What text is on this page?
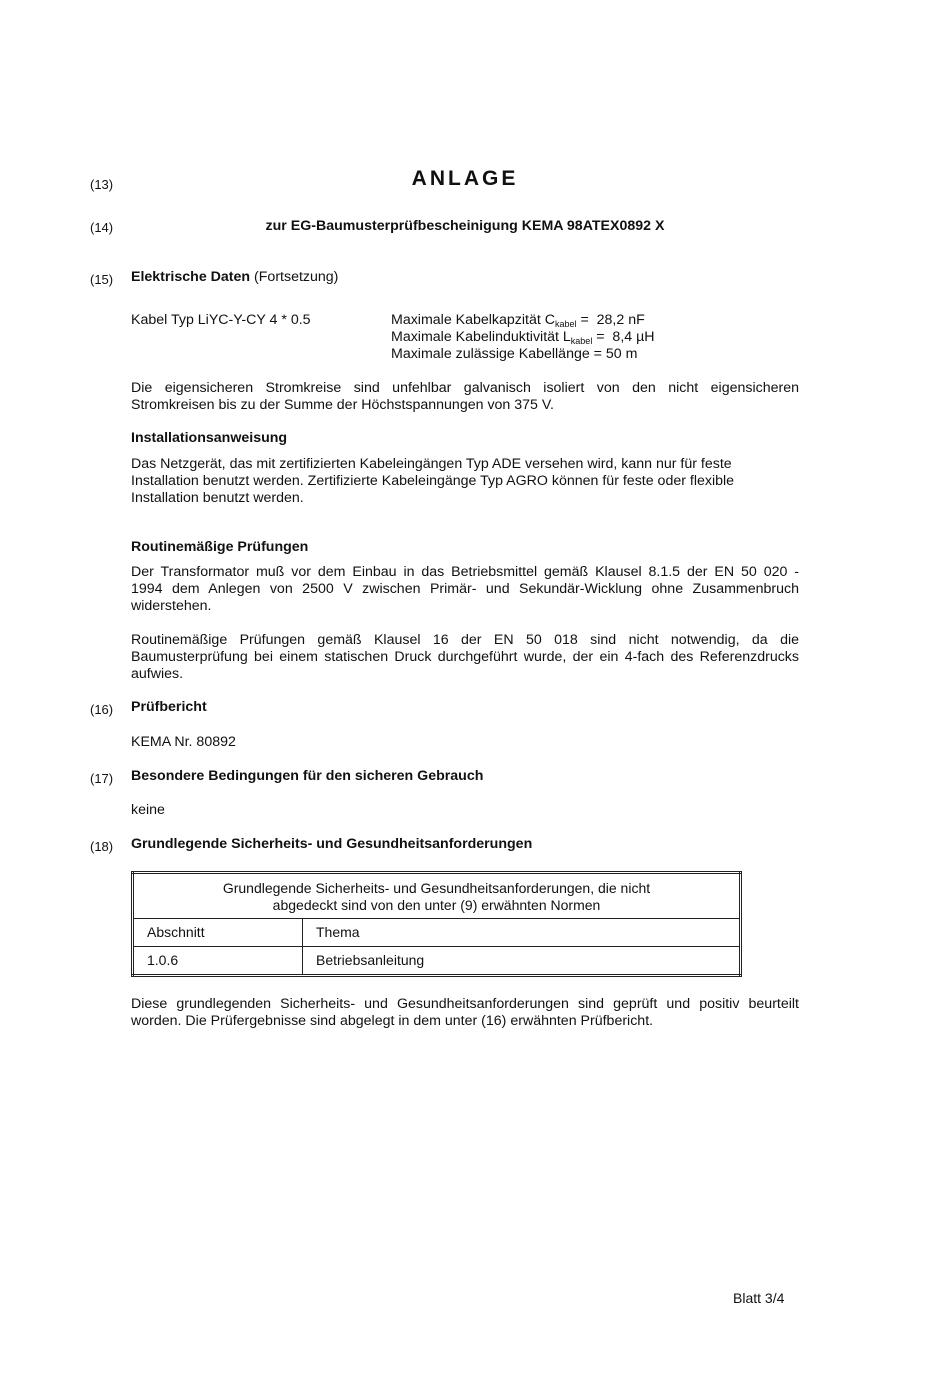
(13)	ANLAGE
(14)	zur EG-Baumusterprüfbescheinigung KEMA 98ATEX0892 X
(15) Elektrische Daten (Fortsetzung)
Kabel Typ LiYC-Y-CY 4 * 0.5	Maximale Kabelkapzität $C_{kabel} = 28,2$ nF
Maximale Kabelinduktivität $L_{kabel} = 8,4$ µH
Maximale zulässige Kabellänge = 50 m
Die eigensicheren Stromkreise sind unfehlbar galvanisch isoliert von den nicht eigensicheren
Stromkreisen bis zu der Summe der Höchstspannungen von 375 V.
Installationsanweisung
Das Netzgerät, das mit zertifizierten Kabeleingängen Typ ADE versehen wird, kann nur für feste
Installation benutzt werden. Zertifizierte Kabeleingänge Typ AGRO können für feste oder flexible
Installation benutzt werden.
Routinemäßige Prüfungen
Der Transformator muß vor dem Einbau in das Betriebsmittel gemäß Klausel 8.1.5 der EN 50 020 -
1994 dem Anlegen von 2500 V zwischen Primär- und Sekundär-Wicklung ohne Zusammenbruch
widerstehen.
Routinemäßige Prüfungen gemäß Klausel 16 der EN 50 018 sind nicht notwendig, da die
Baumusterprüfung bei einem statischen Druck durchgeführt wurde, der ein 4-fach des Referenzdrucks
aufwies.
(16) Prüfbericht
KEMA Nr. 80892
(17) Besondere Bedingungen für den sicheren Gebrauch
keine
(18) Grundlegende Sicherheits- und Gesundheitsanforderungen
Grundlegende Sicherheits- und Gesundheitsanforderungen, die nicht
abgedeckt sind von den unter (9) erwähnten Normen	

Abschnitt	Thema
1.0.6	Betriebsanleitung
Diese grundlegenden Sicherheits- und Gesundheitsanforderungen sind geprüft und positiv beurteilt
worden. Die Prüfergebnisse sind abgelegt in dem unter (16) erwähnten Prüfbericht.
Blatt 3/4
